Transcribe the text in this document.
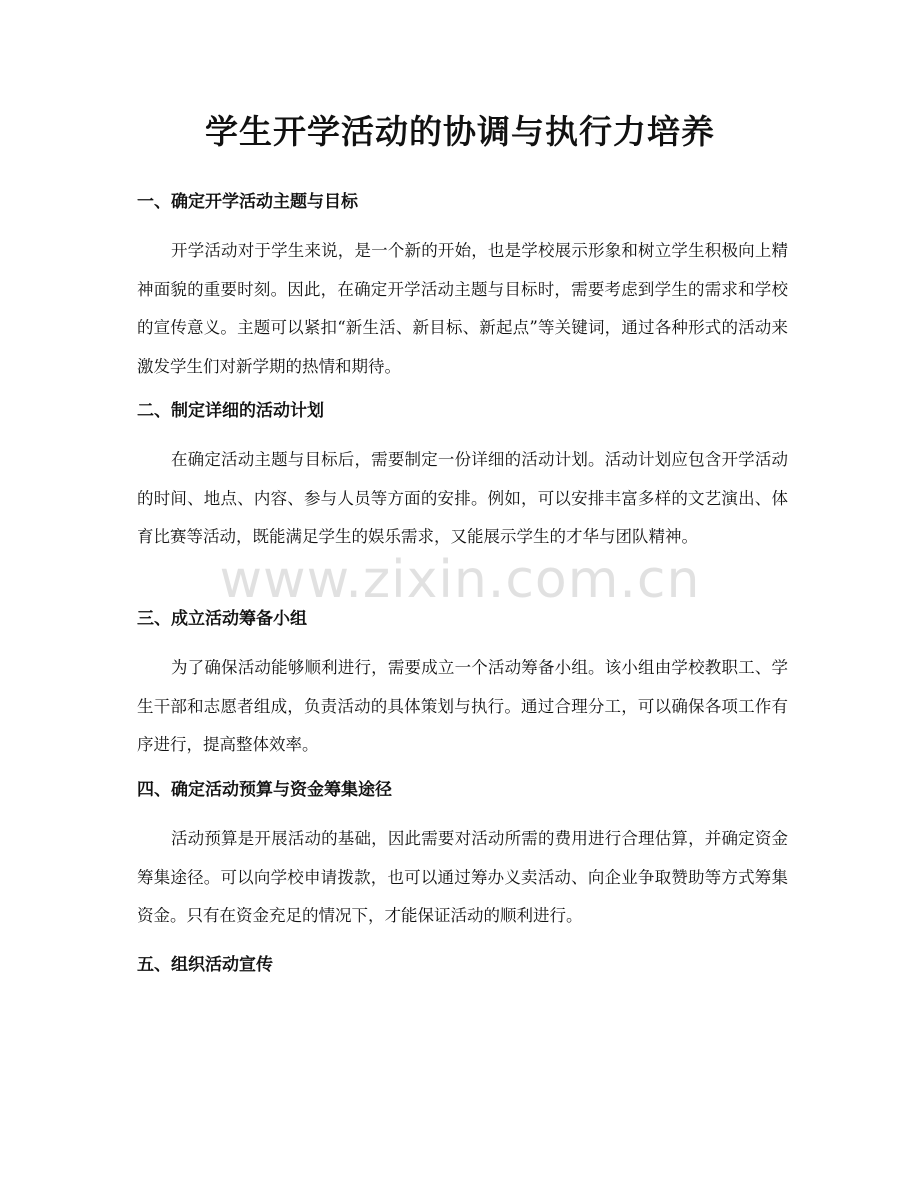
学生开学活动的协调与执行力培养
一、确定开学活动主题与目标

开学活动对于学生来说，是一个新的开始，也是学校展示形象和树立学生积极向上精神面貌的重要时刻。因此，在确定开学活动主题与目标时，需要考虑到学生的需求和学校的宣传意义。主题可以紧扣“新生活、新目标、新起点”等关键词，通过各种形式的活动来激发学生们对新学期的热情和期待。

二、制定详细的活动计划

在确定活动主题与目标后，需要制定一份详细的活动计划。活动计划应包含开学活动的时间、地点、内容、参与人员等方面的安排。例如，可以安排丰富多样的文艺演出、体育比赛等活动，既能满足学生的娱乐需求，又能展示学生的才华与团队精神。

三、成立活动筹备小组

为了确保活动能够顺利进行，需要成立一个活动筹备小组。该小组由学校教职工、学生干部和志愿者组成，负责活动的具体策划与执行。通过合理分工，可以确保各项工作有序进行，提高整体效率。

四、确定活动预算与资金筹集途径

活动预算是开展活动的基础，因此需要对活动所需的费用进行合理估算，并确定资金筹集途径。可以向学校申请拨款，也可以通过筹办义卖活动、向企业争取赞助等方式筹集资金。只有在资金充足的情况下，才能保证活动的顺利进行。

五、组织活动宣传
www.zixin.com.cn
